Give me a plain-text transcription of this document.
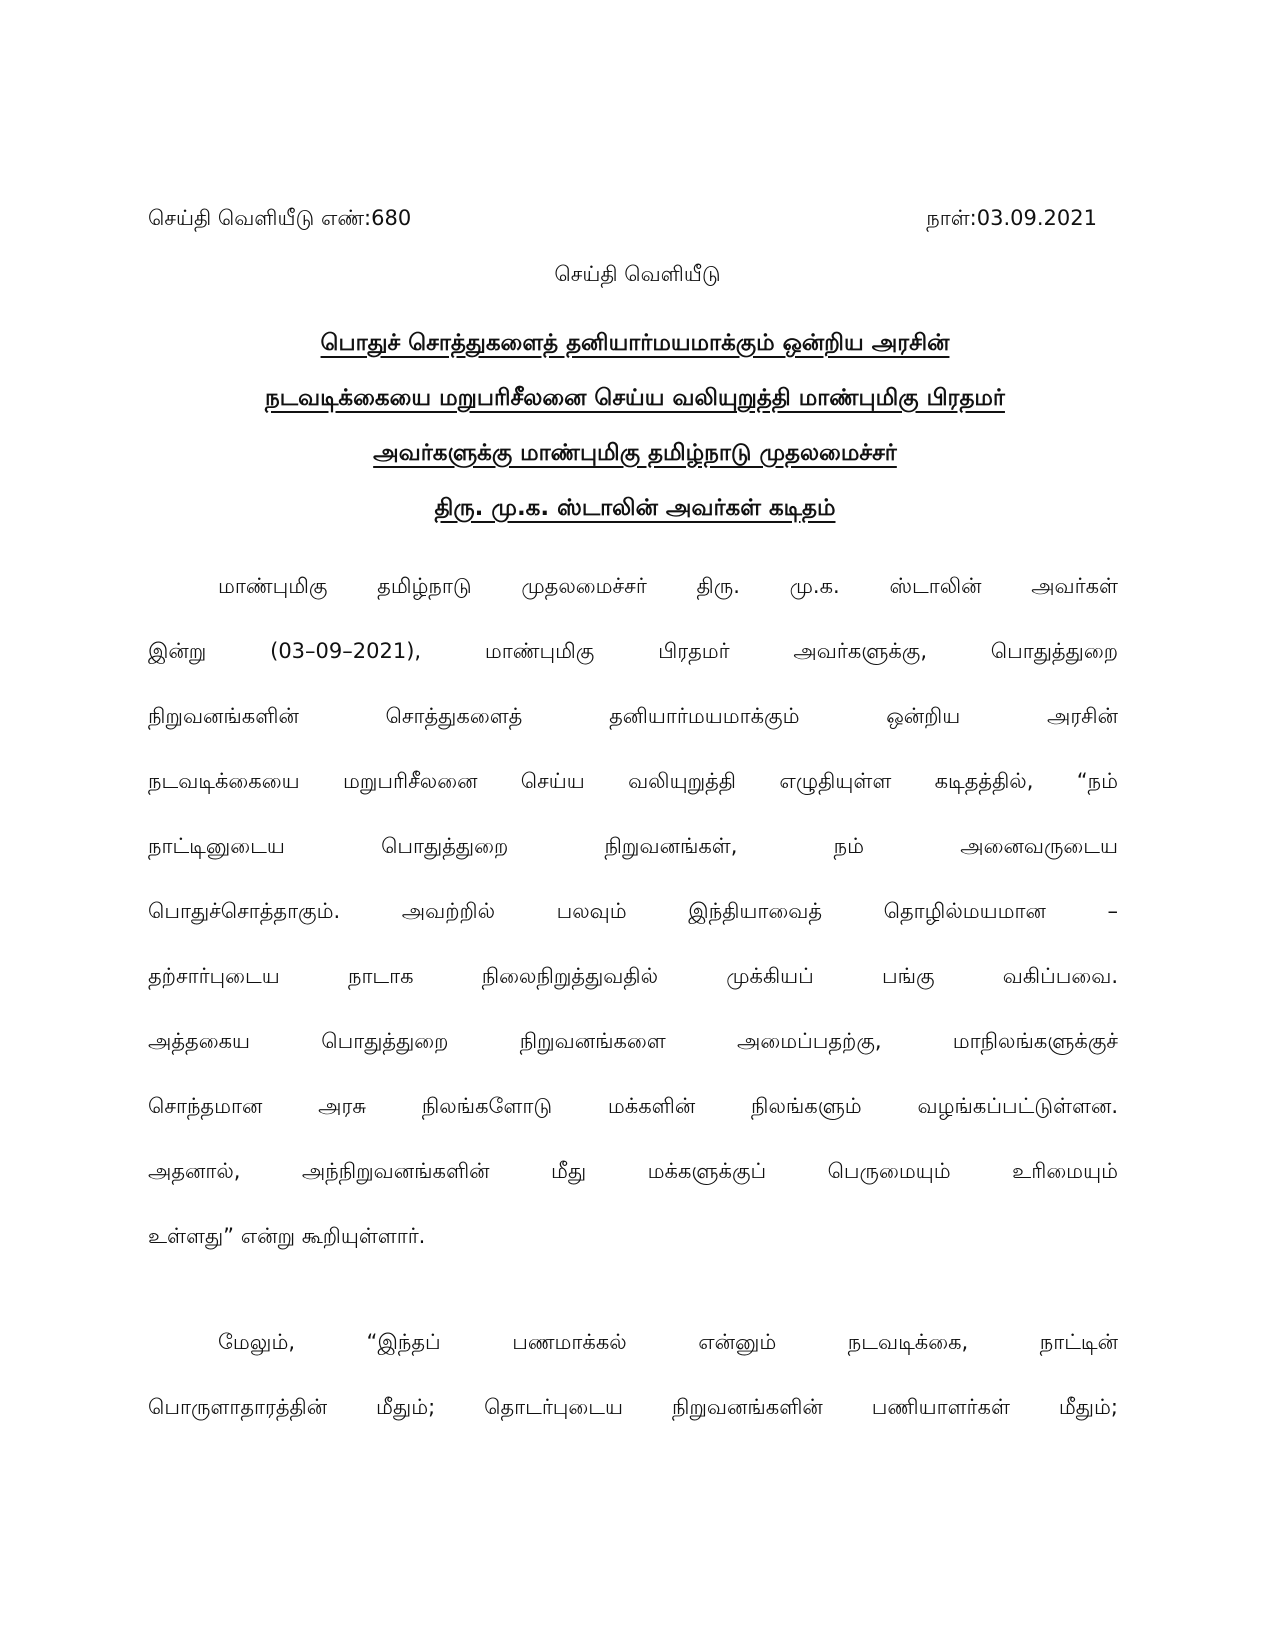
செய்தி வெளியீடு எண்:680	நாள்:03.09.2021
செய்தி வெளியீடு
பொதுச் சொத்துகளைத் தனியார்மயமாக்கும் ஒன்றிய அரசின்
நடவடிக்கையை மறுபரிசீலனை செய்ய வலியுறுத்தி மாண்புமிகு பிரதமர்
அவர்களுக்கு மாண்புமிகு தமிழ்நாடு முதலமைச்சர்
திரு. மு.க. ஸ்டாலின் அவர்கள் கடிதம்
மாண்புமிகு தமிழ்நாடு முதலமைச்சர் திரு. மு.க. ஸ்டாலின் அவர்கள்
இன்று (03–09–2021), மாண்புமிகு பிரதமர் அவர்களுக்கு, பொதுத்துறை
நிறுவனங்களின் சொத்துகளைத் தனியார்மயமாக்கும் ஒன்றிய அரசின்
நடவடிக்கையை மறுபரிசீலனை செய்ய வலியுறுத்தி எழுதியுள்ள கடிதத்தில், “நம்
நாட்டினுடைய பொதுத்துறை நிறுவனங்கள், நம் அனைவருடைய
பொதுச்சொத்தாகும். அவற்றில் பலவும் இந்தியாவைத் தொழில்மயமான –
தற்சார்புடைய நாடாக நிலைநிறுத்துவதில் முக்கியப் பங்கு வகிப்பவை.
அத்தகைய பொதுத்துறை நிறுவனங்களை அமைப்பதற்கு, மாநிலங்களுக்குச்
சொந்தமான அரசு நிலங்களோடு மக்களின் நிலங்களும் வழங்கப்பட்டுள்ளன.
அதனால், அந்நிறுவனங்களின் மீது மக்களுக்குப் பெருமையும் உரிமையும்
உள்ளது” என்று கூறியுள்ளார்.
மேலும், “இந்தப் பணமாக்கல் என்னும் நடவடிக்கை, நாட்டின்
பொருளாதாரத்தின் மீதும்; தொடர்புடைய நிறுவனங்களின் பணியாளர்கள் மீதும்;
